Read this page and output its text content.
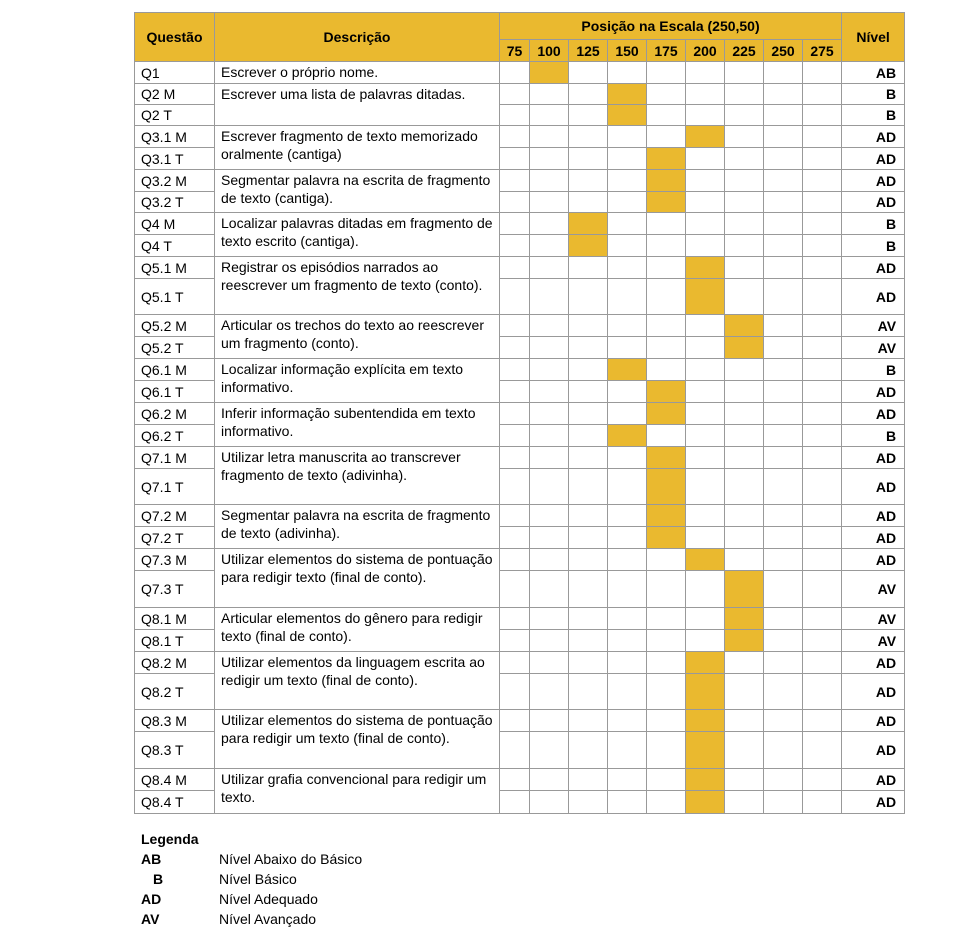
Questão	Descrição	Posição na Escala (250,50)									Nível
		75	100	125	150	175	200	225	250	275	
Q1	Escrever o próprio nome.										AB
Q2 M	Escrever uma lista de palavras ditadas.										B
Q2 T											B
Q3.1 M	Escrever fragmento de texto memorizado oralmente (cantiga)										AD
Q3.1 T											AD
Q3.2 M	Segmentar palavra na escrita de fragmento de texto (cantiga).										AD
Q3.2 T											AD
Q4 M	Localizar palavras ditadas em fragmento de texto escrito (cantiga).										B
Q4 T											B
Q5.1 M	Registrar os episódios narrados ao reescrever um fragmento de texto (conto).										AD
Q5.1 T											AD
Q5.2 M	Articular os trechos do texto ao reescrever um fragmento (conto).										AV
Q5.2 T											AV
Q6.1 M	Localizar informação explícita em texto informativo.										B
Q6.1 T											AD
Q6.2 M	Inferir informação subentendida em texto informativo.										AD
Q6.2 T											B
Q7.1 M	Utilizar letra manuscrita ao transcrever fragmento de texto (adivinha).										AD
Q7.1 T											AD
Q7.2 M	Segmentar palavra na escrita de fragmento de texto (adivinha).										AD
Q7.2 T											AD
Q7.3 M	Utilizar elementos do sistema de pontuação para redigir texto (final de conto).										AD
Q7.3 T											AV
Q8.1 M	Articular elementos do gênero para redigir texto (final de conto).										AV
Q8.1 T											AV
Q8.2 M	Utilizar elementos da linguagem escrita ao redigir um texto (final de conto).										AD
Q8.2 T											AD
Q8.3 M	Utilizar elementos do sistema de pontuação para redigir um texto (final de conto).										AD
Q8.3 T											AD
Q8.4 M	Utilizar grafia convencional para redigir um texto.										AD
Q8.4 T											AD
Legenda
AB	Nível Abaixo do Básico
B	Nível Básico
AD	Nível Adequado
AV	Nível Avançado
